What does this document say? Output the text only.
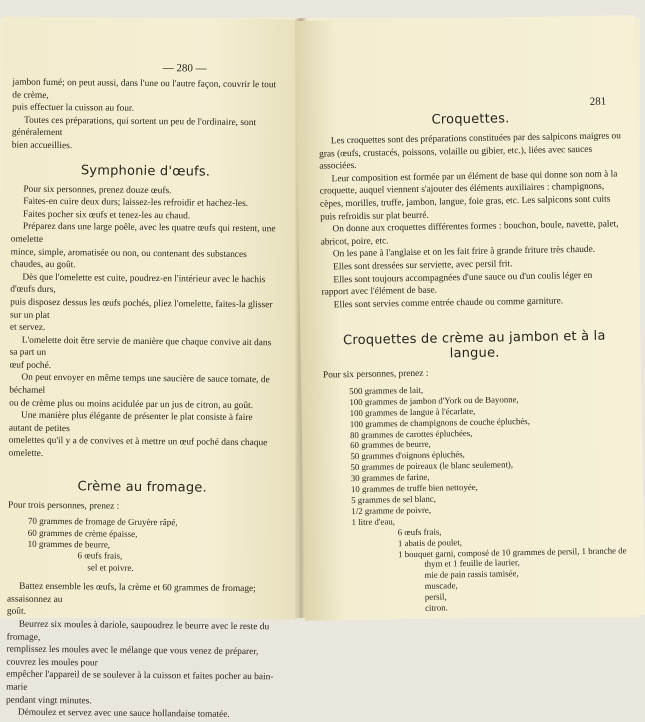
— 280 —

jambon fumé; on peut aussi, dans l'une ou l'autre façon, couvrir le tout de crème,

puis effectuer la cuisson au four.

Toutes ces préparations, qui sortent un peu de l'ordinaire, sont généralement

bien accueillies.

Symphonie d'œufs.

Pour six personnes, prenez douze œufs.

Faites-en cuire deux durs; laissez-les refroidir et hachez-les.

Faites pocher six œufs et tenez-les au chaud.

Préparez dans une large poêle, avec les quatre œufs qui restent, une omelette

mince, simple, aromatisée ou non, ou contenant des substances chaudes, au goût.

Dès que l'omelette est cuite, poudrez-en l'intérieur avec le hachis d'œufs durs,

puis disposez dessus les œufs pochés, pliez l'omelette, faites-la glisser sur un plat

et servez.

L'omelette doit être servie de manière que chaque convive ait dans sa part un

œuf poché.

On peut envoyer en même temps une saucière de sauce tomate, de béchamel

ou de crème plus ou moins acidulée par un jus de citron, au goût.

Une manière plus élégante de présenter le plat consiste à faire autant de petites

omelettes qu'il y a de convives et à mettre un œuf poché dans chaque omelette.

Crème au fromage.

Pour trois personnes, prenez :

70 grammes de fromage de Gruyère râpé,
60 grammes de crème épaisse,
10 grammes de beurre,
6 œufs frais,
sel et poivre.

Battez ensemble les œufs, la crème et 60 grammes de fromage; assaisonnez au

goût.

Beurrez six moules à dariole, saupoudrez le beurre avec le reste du fromage,

remplissez les moules avec le mélange que vous venez de préparer, couvrez les moules pour

empêcher l'appareil de se soulever à la cuisson et faites pocher au bain-marie

pendant vingt minutes.

Démoulez et servez avec une sauce hollandaise tomatée.

281
Croquettes.

Les croquettes sont des préparations constituées par des salpicons maigres ou

gras (œufs, crustacés, poissons, volaille ou gibier, etc.), liées avec sauces associées.

Leur composition est formée par un élément de base qui donne son nom à la

croquette, auquel viennent s'ajouter des éléments auxiliaires : champignons,

cèpes, morilles, truffe, jambon, langue, foie gras, etc. Les salpicons sont cuits

puis refroidis sur plat beurré.

On donne aux croquettes différentes formes : bouchon, boule, navette, palet,

abricot, poire, etc.

On les pane à l'anglaise et on les fait frire à grande friture très chaude.

Elles sont dressées sur serviette, avec persil frit.

Elles sont toujours accompagnées d'une sauce ou d'un coulis léger en

rapport avec l'élément de base.

Elles sont servies comme entrée chaude ou comme garniture.

Croquettes de crème au jambon et à la langue.

Pour six personnes, prenez :

500 grammes de lait,
100 grammes de jambon d'York ou de Bayonne,
100 grammes de langue à l'écarlate,
100 grammes de champignons de couche épluchés,
80 grammes de carottes épluchées,
60 grammes de beurre,
50 grammes d'oignons épluchés,
50 grammes de poireaux (le blanc seulement),
30 grammes de farine,
10 grammes de truffe bien nettoyée,
5 grammes de sel blanc,
1/2 gramme de poivre,
1 litre d'eau,
6 œufs frais,
1 abatis de poulet,
1 bouquet garni, composé de 10 grammes de persil, 1 branche de
thym et 1 feuille de laurier,
mie de pain rassis tamisée,
muscade,
persil,
citron.
